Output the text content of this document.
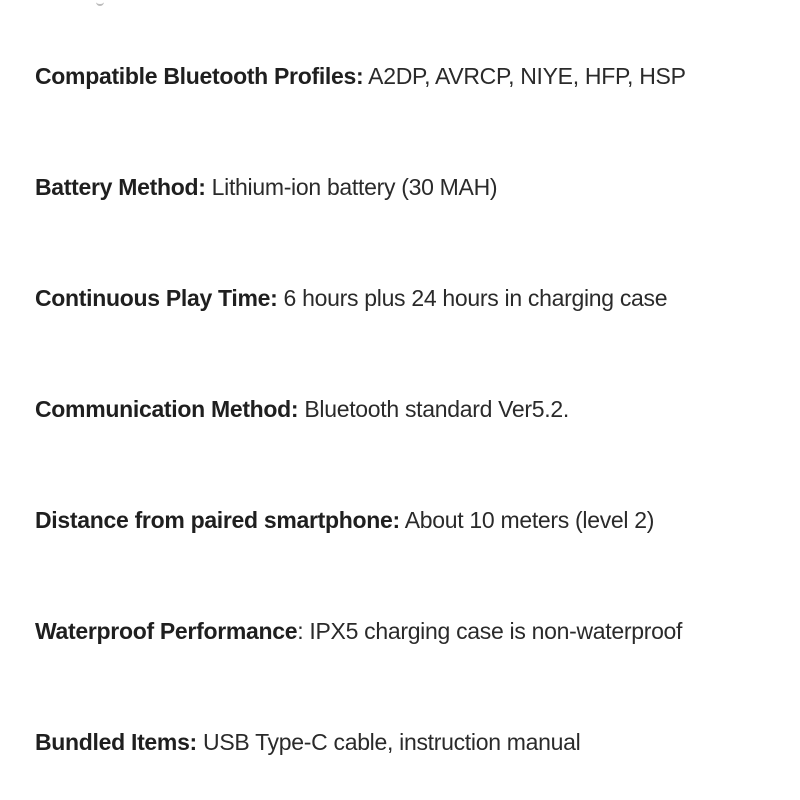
Compatible Bluetooth Profiles: A2DP, AVRCP, NIYE, HFP, HSP
Battery Method: Lithium-ion battery (30 MAH)
Continuous Play Time: 6 hours plus 24 hours in charging case
Communication Method: Bluetooth standard Ver5.2.
Distance from paired smartphone: About 10 meters (level 2)
Waterproof Performance: IPX5 charging case is non-waterproof
Bundled Items: USB Type-C cable, instruction manual
